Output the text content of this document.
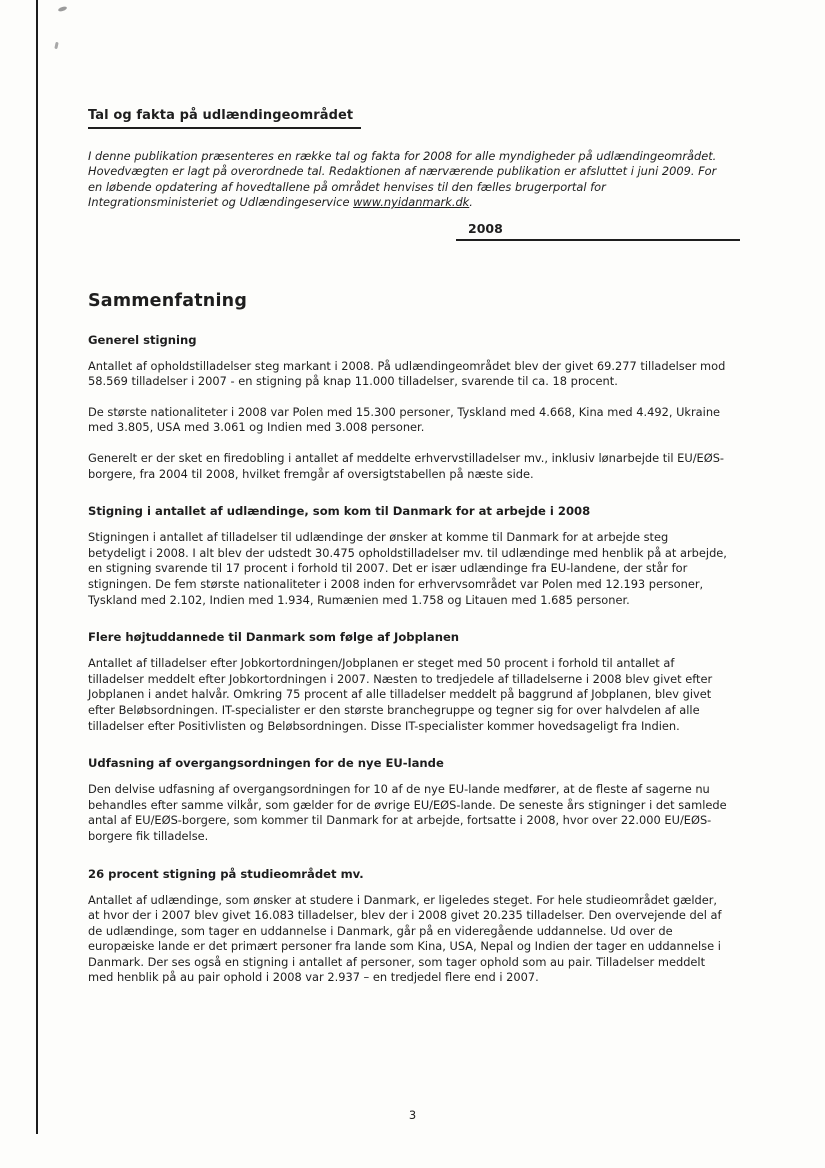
Tal og fakta på udlændingeområdet

I denne publikation præsenteres en række tal og fakta for 2008 for alle myndigheder på udlændingeområdet. Hovedvægten er lagt på overordnede tal. Redaktionen af nærværende publikation er afsluttet i juni 2009. For en løbende opdatering af hovedtallene på området henvises til den fælles brugerportal for Integrationsministeriet og Udlændingeservice www.nyidanmark.dk.

2008
Sammenfatning
Generel stigning

Antallet af opholdstilladelser steg markant i 2008. På udlændingeområdet blev der givet 69.277 tilladelser mod 58.569 tilladelser i 2007 - en stigning på knap 11.000 tilladelser, svarende til ca. 18 procent.

De største nationaliteter i 2008 var Polen med 15.300 personer, Tyskland med 4.668, Kina med 4.492, Ukraine med 3.805, USA med 3.061 og Indien med 3.008 personer.

Generelt er der sket en firedobling i antallet af meddelte erhvervstilladelser mv., inklusiv lønarbejde til EU/EØS-borgere, fra 2004 til 2008, hvilket fremgår af oversigtstabellen på næste side.

Stigning i antallet af udlændinge, som kom til Danmark for at arbejde i 2008

Stigningen i antallet af tilladelser til udlændinge der ønsker at komme til Danmark for at arbejde steg betydeligt i 2008. I alt blev der udstedt 30.475 opholdstilladelser mv. til udlændinge med henblik på at arbejde, en stigning svarende til 17 procent i forhold til 2007. Det er især udlændinge fra EU-landene, der står for stigningen. De fem største nationaliteter i 2008 inden for erhvervsområdet var Polen med 12.193 personer, Tyskland med 2.102, Indien med 1.934, Rumænien med 1.758 og Litauen med 1.685 personer.

Flere højtuddannede til Danmark som følge af Jobplanen

Antallet af tilladelser efter Jobkortordningen/Jobplanen er steget med 50 procent i forhold til antallet af tilladelser meddelt efter Jobkortordningen i 2007. Næsten to tredjedele af tilladelserne i 2008 blev givet efter Jobplanen i andet halvår. Omkring 75 procent af alle tilladelser meddelt på baggrund af Jobplanen, blev givet efter Beløbsordningen. IT-specialister er den største branchegruppe og tegner sig for over halvdelen af alle tilladelser efter Positivlisten og Beløbsordningen. Disse IT-specialister kommer hovedsageligt fra Indien.

Udfasning af overgangsordningen for de nye EU-lande

Den delvise udfasning af overgangsordningen for 10 af de nye EU-lande medfører, at de fleste af sagerne nu behandles efter samme vilkår, som gælder for de øvrige EU/EØS-lande. De seneste års stigninger i det samlede antal af EU/EØS-borgere, som kommer til Danmark for at arbejde, fortsatte i 2008, hvor over 22.000 EU/EØS-borgere fik tilladelse.

26 procent stigning på studieområdet mv.

Antallet af udlændinge, som ønsker at studere i Danmark, er ligeledes steget. For hele studieområdet gælder, at hvor der i 2007 blev givet 16.083 tilladelser, blev der i 2008 givet 20.235 tilladelser. Den overvejende del af de udlændinge, som tager en uddannelse i Danmark, går på en videregående uddannelse. Ud over de europæiske lande er det primært personer fra lande som Kina, USA, Nepal og Indien der tager en uddannelse i Danmark. Der ses også en stigning i antallet af personer, som tager ophold som au pair. Tilladelser meddelt med henblik på au pair ophold i 2008 var 2.937 – en tredjedel flere end i 2007.

3
